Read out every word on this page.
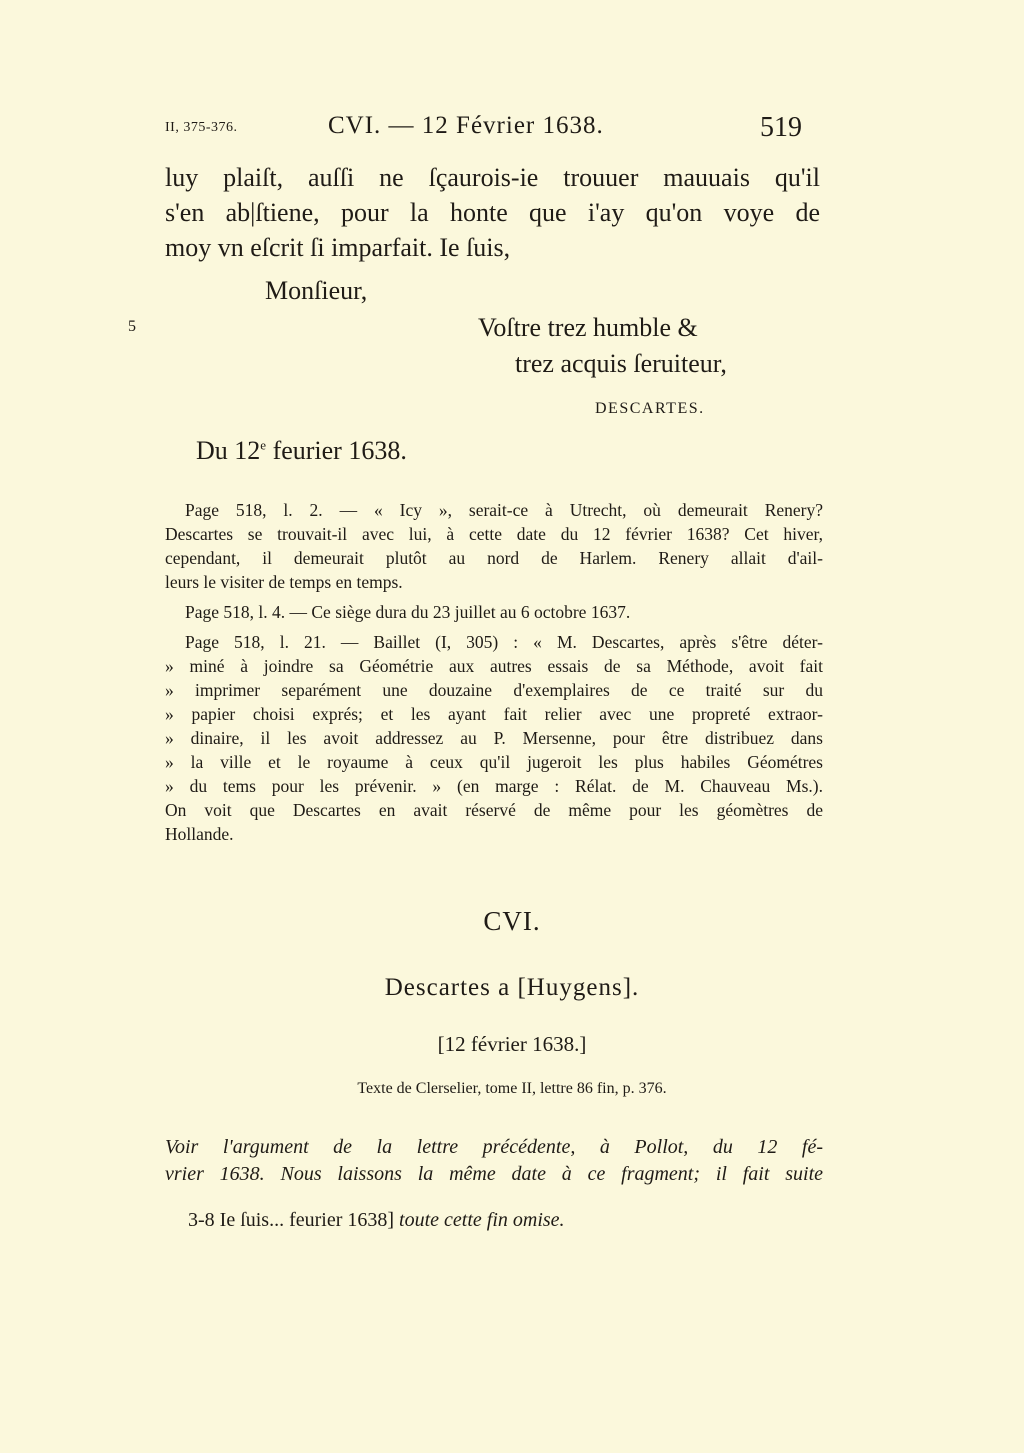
II, 375-376.	CVI. — 12 Février 1638.	519
luy plaiſt, auſſi ne ſçaurois-ie trouuer mauuais qu'il
s'en ab|ſtiene, pour la honte que i'ay qu'on voye de
moy vn eſcrit ſi imparfait. Ie ſuis,
Monſieur,
5	Voſtre trez humble &
trez acquis ſeruiteur,
DESCARTES.
Du 12e feurier 1638.

Page 518, l. 2. — « Icy », serait-ce à Utrecht, où demeurait Renery?
Descartes se trouvait-il avec lui, à cette date du 12 février 1638? Cet hiver,
cependant, il demeurait plutôt au nord de Harlem. Renery allait d'ail-
leurs le visiter de temps en temps.

Page 518, l. 4. — Ce siège dura du 23 juillet au 6 octobre 1637.

Page 518, l. 21. — Baillet (I, 305) : « M. Descartes, après s'être déter-
» miné à joindre sa Géométrie aux autres essais de sa Méthode, avoit fait
» imprimer separément une douzaine d'exemplaires de ce traité sur du
» papier choisi exprés; et les ayant fait relier avec une propreté extraor-
» dinaire, il les avoit addressez au P. Mersenne, pour être distribuez dans
» la ville et le royaume à ceux qu'il jugeroit les plus habiles Géométres
» du tems pour les prévenir. » (en marge : Rélat. de M. Chauveau Ms.).
On voit que Descartes en avait réservé de même pour les géomètres de
Hollande.

CVI.
Descartes a [Huygens].
[12 février 1638.]
Texte de Clerselier, tome II, lettre 86 fin, p. 376.
Voir l'argument de la lettre précédente, à Pollot, du 12 fé-
vrier 1638. Nous laissons la même date à ce fragment; il fait suite
3-8 Ie ſuis... feurier 1638] toute cette fin omise.
